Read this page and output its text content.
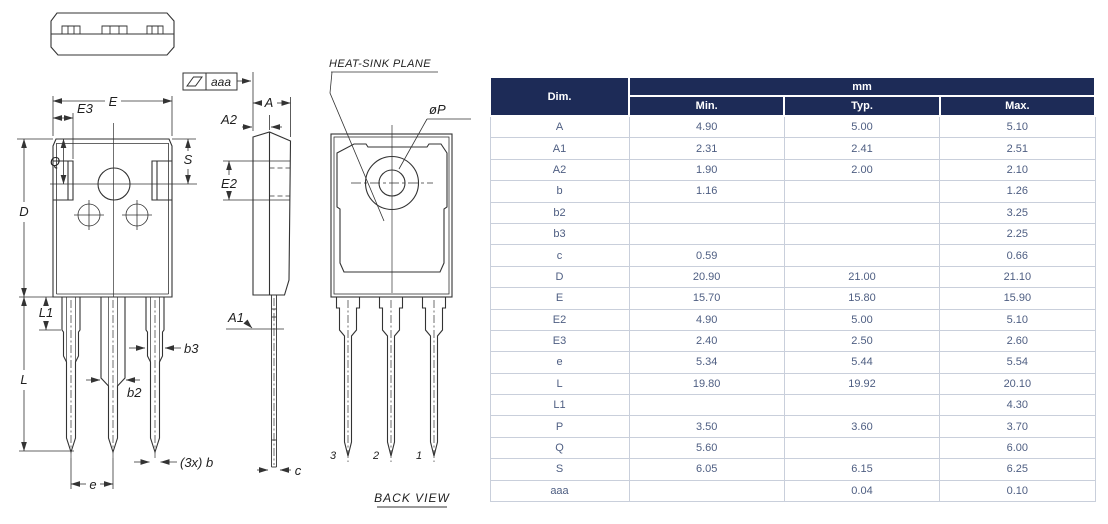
E
E3
Q	S
D
L1
L
b3
b2
e
(3x) b
aaa
A
A2
E2
A1
c
HEAT-SINK PLANE
øP
3	2	1
BACK VIEW
Dim.	mm		
	Min.	Typ.	Max.
A	4.90	5.00	5.10
A1	2.31	2.41	2.51
A2	1.90	2.00	2.10
b	1.16		1.26
b2			3.25
b3			2.25
c	0.59		0.66
D	20.90	21.00	21.10
E	15.70	15.80	15.90
E2	4.90	5.00	5.10
E3	2.40	2.50	2.60
e	5.34	5.44	5.54
L	19.80	19.92	20.10
L1			4.30
P	3.50	3.60	3.70
Q	5.60		6.00
S	6.05	6.15	6.25
aaa		0.04	0.10
